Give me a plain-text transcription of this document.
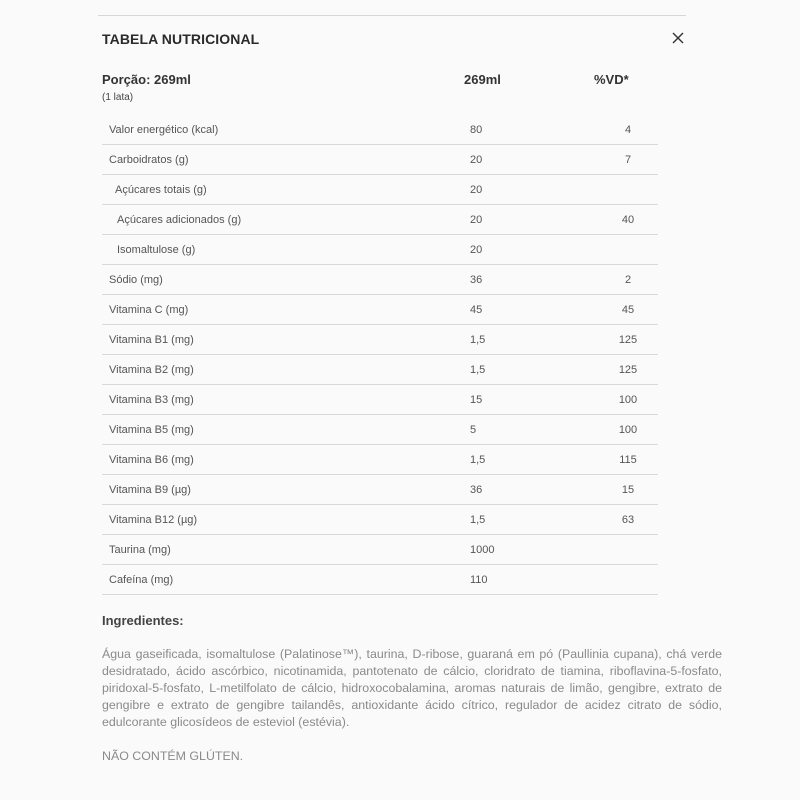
TABELA NUTRICIONAL
Porção: 269ml
(1 lata)
269ml	%VD*
Valor energético (kcal)	80	4
Carboidratos (g)	20	7
Açúcares totais (g)	20
Açúcares adicionados (g)	20	40
Isomaltulose (g)	20
Sódio (mg)	36	2
Vitamina C (mg)	45	45
Vitamina B1 (mg)	1,5	125
Vitamina B2 (mg)	1,5	125
Vitamina B3 (mg)	15	100
Vitamina B5 (mg)	5	100
Vitamina B6 (mg)	1,5	115
Vitamina B9 (µg)	36	15
Vitamina B12 (µg)	1,5	63
Taurina (mg)	1000
Cafeína (mg)	110
Ingredientes:
Água gaseificada, isomaltulose (Palatinose™), taurina, D-ribose, guaraná em pó (Paullinia cupana), chá verde desidratado, ácido ascórbico, nicotinamida, pantotenato de cálcio, cloridrato de tiamina, riboflavina-5-fosfato, piridoxal-5-fosfato, L-metilfolato de cálcio, hidroxocobalamina, aromas naturais de limão, gengibre, extrato de gengibre e extrato de gengibre tailandês, antioxidante ácido cítrico, regulador de acidez citrato de sódio, edulcorante glicosídeos de esteviol (estévia).
NÃO CONTÉM GLÚTEN.
